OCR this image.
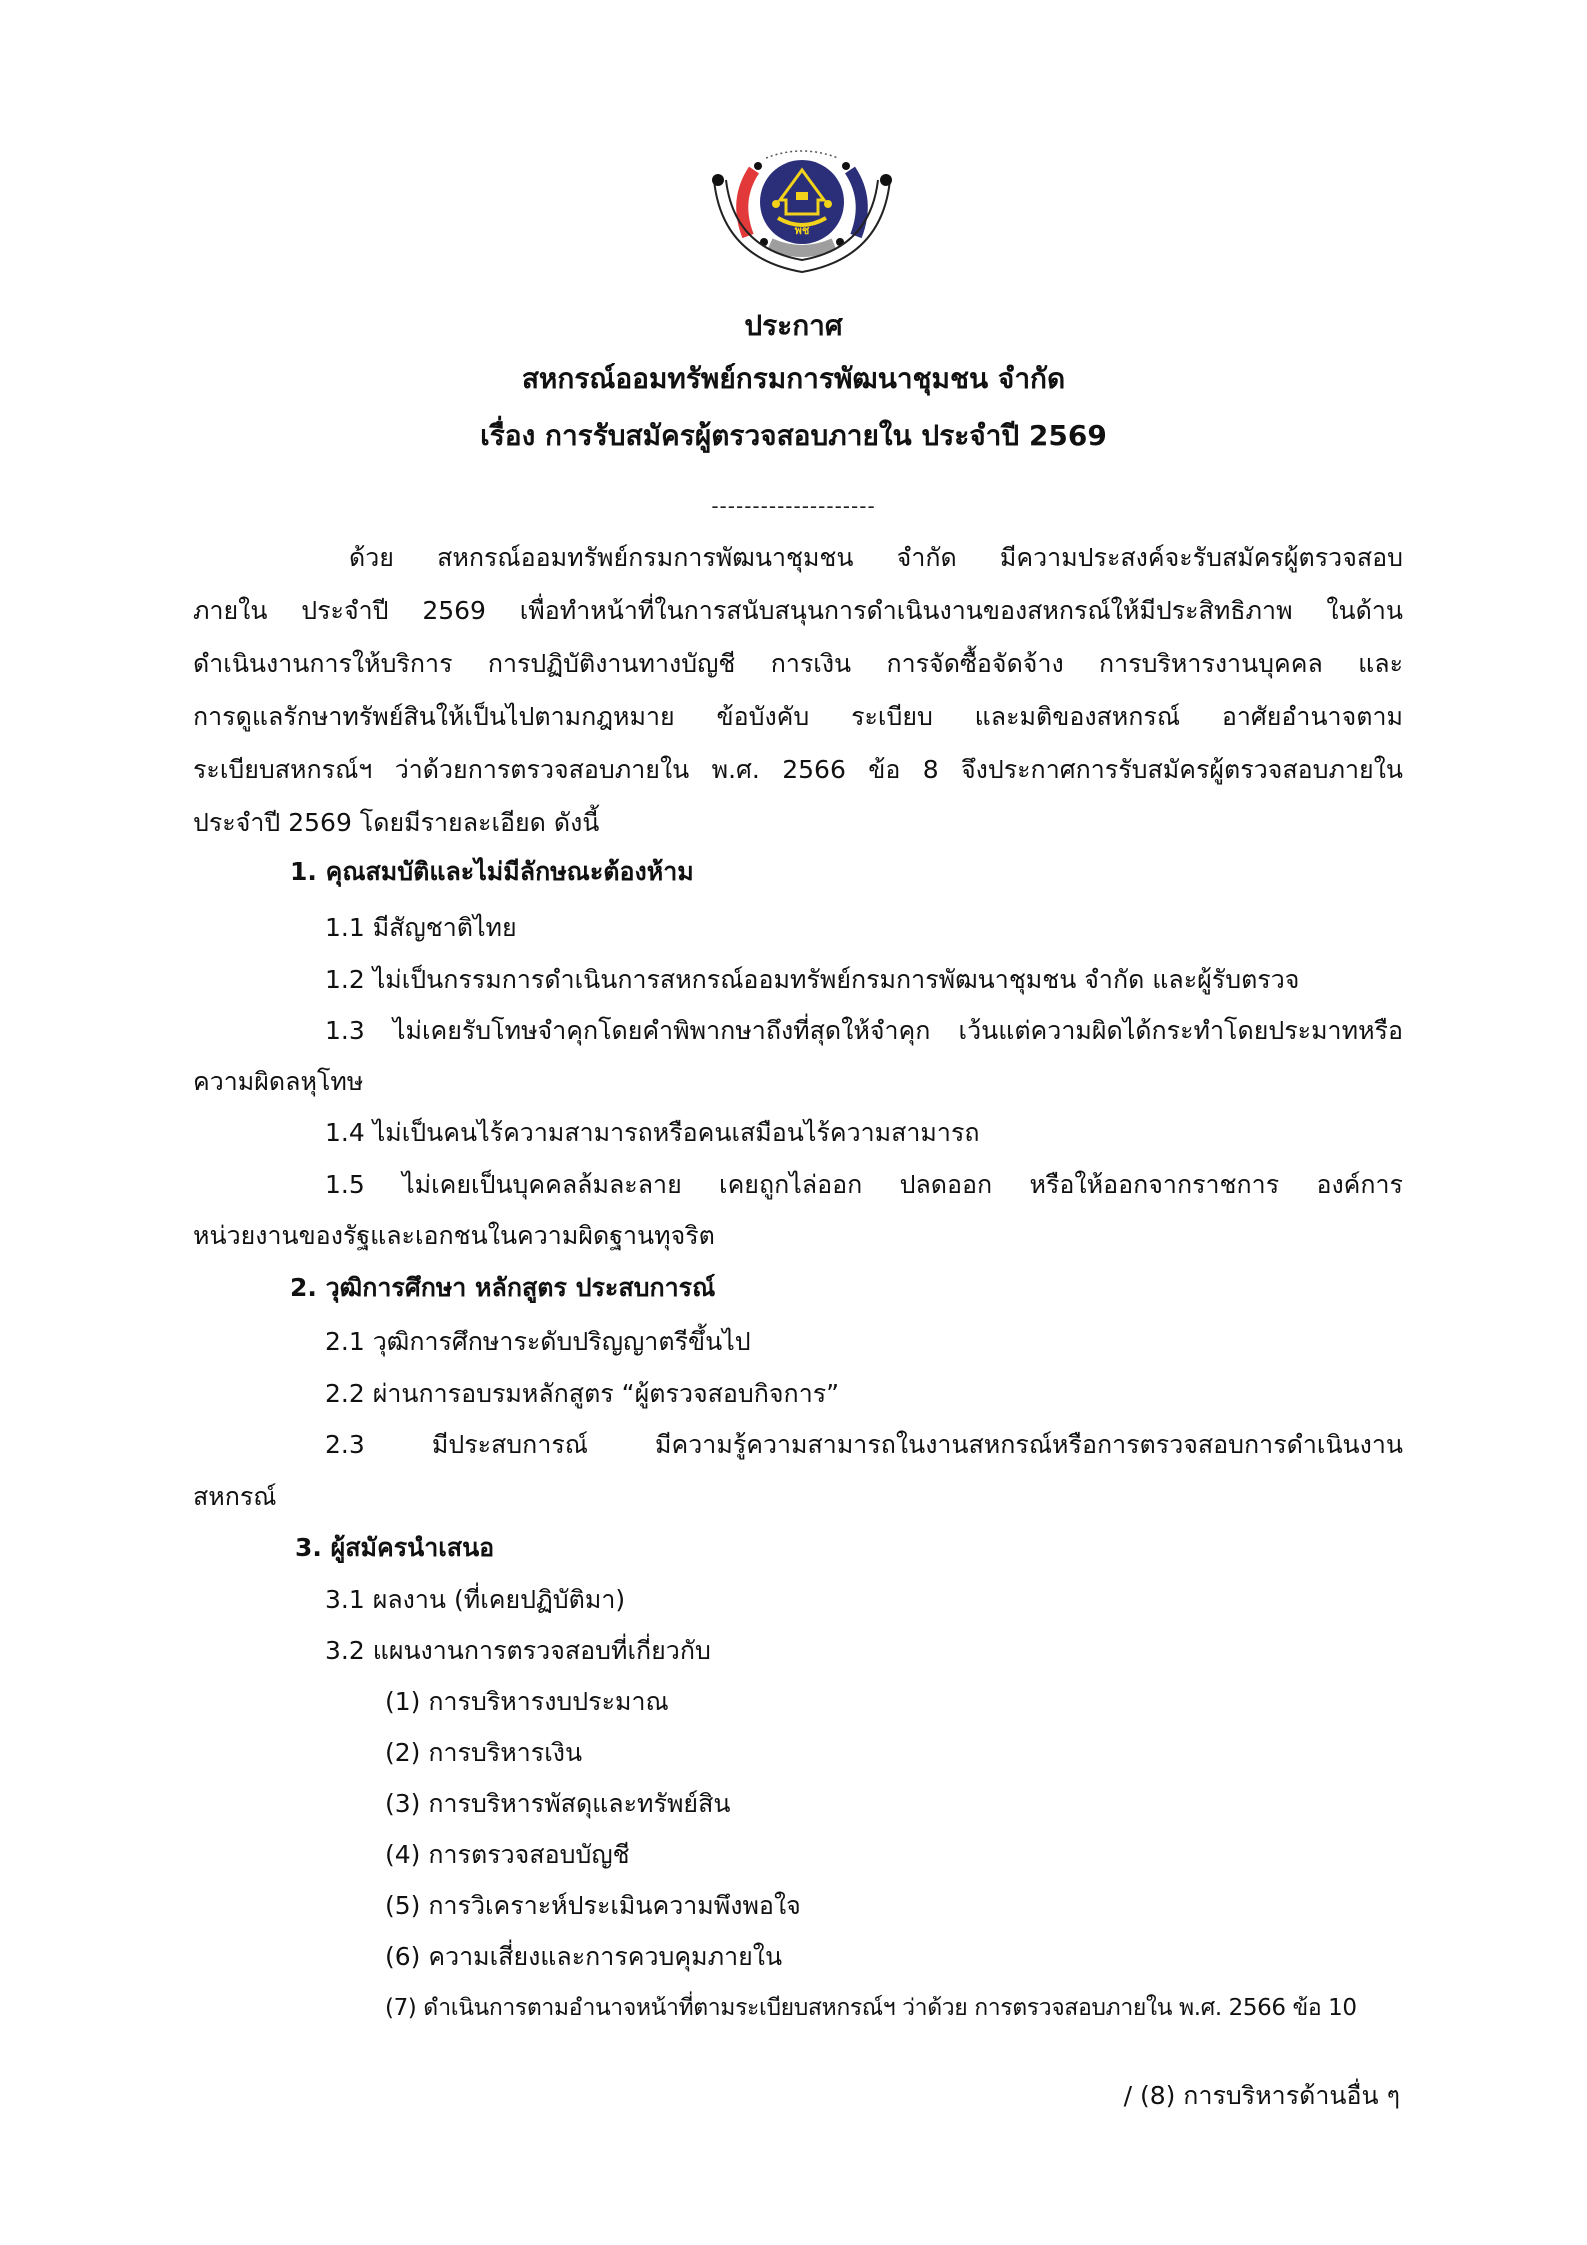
พช
ประกาศ
สหกรณ์ออมทรัพย์กรมการพัฒนาชุมชน จำกัด
เรื่อง การรับสมัครผู้ตรวจสอบภายใน ประจำปี 2569
--------------------
ด้วย สหกรณ์ออมทรัพย์กรมการพัฒนาชุมชน จำกัด มีความประสงค์จะรับสมัครผู้ตรวจสอบ
ภายใน ประจำปี 2569 เพื่อทำหน้าที่ในการสนับสนุนการดำเนินงานของสหกรณ์ให้มีประสิทธิภาพ ในด้าน
ดำเนินงานการให้บริการ การปฏิบัติงานทางบัญชี การเงิน การจัดซื้อจัดจ้าง การบริหารงานบุคคล และ
การดูแลรักษาทรัพย์สินให้เป็นไปตามกฎหมาย ข้อบังคับ ระเบียบ และมติของสหกรณ์ อาศัยอำนาจตาม
ระเบียบสหกรณ์ฯ ว่าด้วยการตรวจสอบภายใน พ.ศ. 2566 ข้อ 8 จึงประกาศการรับสมัครผู้ตรวจสอบภายใน
ประจำปี 2569 โดยมีรายละเอียด ดังนี้
1. คุณสมบัติและไม่มีลักษณะต้องห้าม
1.1 มีสัญชาติไทย
1.2 ไม่เป็นกรรมการดำเนินการสหกรณ์ออมทรัพย์กรมการพัฒนาชุมชน จำกัด และผู้รับตรวจ
1.3 ไม่เคยรับโทษจำคุกโดยคำพิพากษาถึงที่สุดให้จำคุก เว้นแต่ความผิดได้กระทำโดยประมาทหรือ
ความผิดลหุโทษ
1.4 ไม่เป็นคนไร้ความสามารถหรือคนเสมือนไร้ความสามารถ
1.5 ไม่เคยเป็นบุคคลล้มละลาย เคยถูกไล่ออก ปลดออก หรือให้ออกจากราชการ องค์การ
หน่วยงานของรัฐและเอกชนในความผิดฐานทุจริต
2. วุฒิการศึกษา หลักสูตร ประสบการณ์
2.1 วุฒิการศึกษาระดับปริญญาตรีขึ้นไป
2.2 ผ่านการอบรมหลักสูตร “ผู้ตรวจสอบกิจการ”
2.3 มีประสบการณ์ มีความรู้ความสามารถในงานสหกรณ์หรือการตรวจสอบการดำเนินงาน
สหกรณ์
3. ผู้สมัครนำเสนอ
3.1 ผลงาน (ที่เคยปฏิบัติมา)
3.2 แผนงานการตรวจสอบที่เกี่ยวกับ
(1) การบริหารงบประมาณ
(2) การบริหารเงิน
(3) การบริหารพัสดุและทรัพย์สิน
(4) การตรวจสอบบัญชี
(5) การวิเคราะห์ประเมินความพึงพอใจ
(6) ความเสี่ยงและการควบคุมภายใน
(7) ดำเนินการตามอำนาจหน้าที่ตามระเบียบสหกรณ์ฯ ว่าด้วย การตรวจสอบภายใน พ.ศ. 2566 ข้อ 10
/ (8) การบริหารด้านอื่น ๆ
